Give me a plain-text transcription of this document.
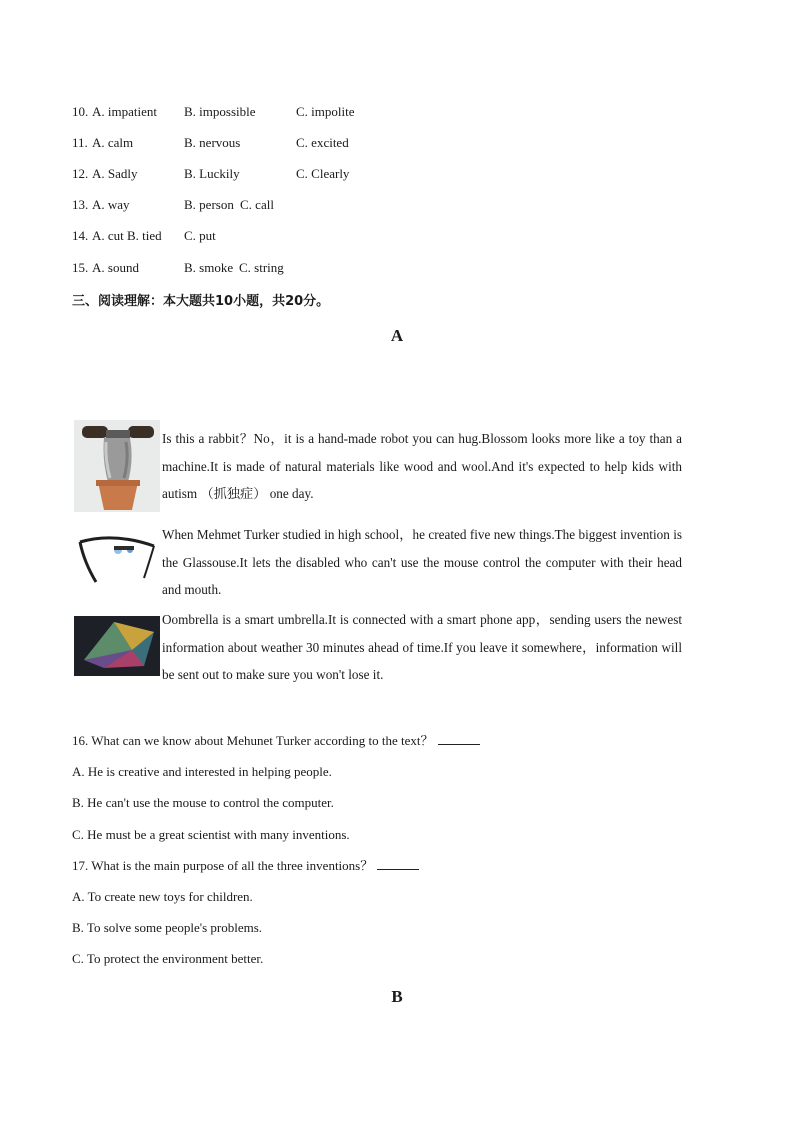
10. A. impatient B. impossible	C. impolite
11. A. calm	B. nervous	C. excited
12. A. Sadly	B. Luckily	C. Clearly
13. A. way	B. person C. call
14. A. cut B. tied C. put
15. A. sound	B. smoke C. string
三、阅读理解：本大题共10小题，共20分。
A
Is this a rabbit？No，it is a hand-made robot you can hug.Blossom looks more like a toy than a machine.It is made of natural materials like wood and wool.And it's expected to help kids with autism （抓独症） one day.
When Mehmet Turker studied in high school，he created five new things.The biggest invention is the Glassouse.It lets the disabled who can't use the mouse control the computer with their head and mouth.
Oombrella is a smart umbrella.It is connected with a smart phone app，sending users the newest information about weather 30 minutes ahead of time.If you leave it somewhere，information will be sent out to make sure you won't lose it.
16. What can we know about Mehunet Turker according to the text？
A. He is creative and interested in helping people.
B. He can't use the mouse to control the computer.
C. He must be a great scientist with many inventions.
17. What is the main purpose of all the three inventions？
A. To create new toys for children.
B. To solve some people's problems.
C. To protect the environment better.
B
